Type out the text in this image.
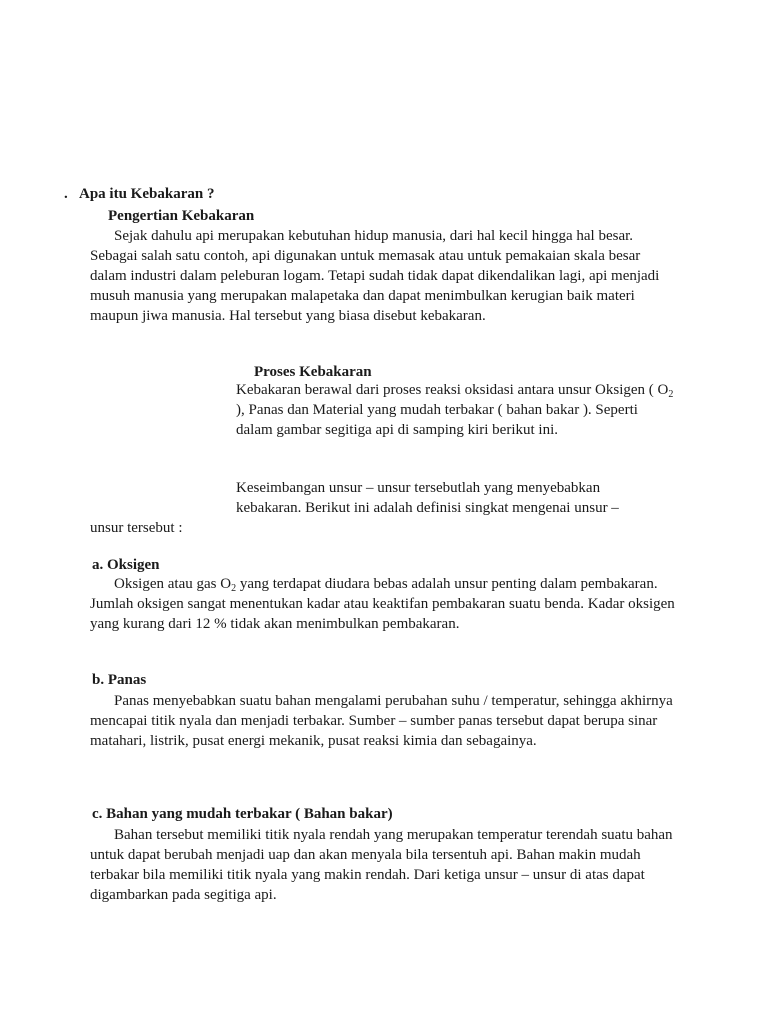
. Apa itu Kebakaran ?
Pengertian Kebakaran

Sejak dahulu api merupakan kebutuhan hidup manusia, dari hal kecil hingga hal besar. Sebagai salah satu contoh, api digunakan untuk memasak atau untuk pemakaian skala besar dalam industri dalam peleburan logam. Tetapi sudah tidak dapat dikendalikan lagi, api menjadi musuh manusia yang merupakan malapetaka dan dapat menimbulkan kerugian baik materi maupun jiwa manusia. Hal tersebut yang biasa disebut kebakaran.

Proses Kebakaran

Kebakaran berawal dari proses reaksi oksidasi antara unsur Oksigen ( $O_2$ ), Panas dan Material yang mudah terbakar ( bahan bakar ). Seperti dalam gambar segitiga api di samping kiri berikut ini.

Keseimbangan unsur – unsur tersebutlah yang menyebabkan
kebakaran. Berikut ini adalah definisi singkat mengenai unsur –
unsur tersebut :
a. Oksigen

Oksigen atau gas $O_2$ yang terdapat diudara bebas adalah unsur penting dalam pembakaran. Jumlah oksigen sangat menentukan kadar atau keaktifan pembakaran suatu benda. Kadar oksigen yang kurang dari 12 % tidak akan menimbulkan pembakaran.

b. Panas

Panas menyebabkan suatu bahan mengalami perubahan suhu / temperatur, sehingga akhirnya mencapai titik nyala dan menjadi terbakar. Sumber – sumber panas tersebut dapat berupa sinar matahari, listrik, pusat energi mekanik, pusat reaksi kimia dan sebagainya.

c. Bahan yang mudah terbakar ( Bahan bakar)

Bahan tersebut memiliki titik nyala rendah yang merupakan temperatur terendah suatu bahan untuk dapat berubah menjadi uap dan akan menyala bila tersentuh api. Bahan makin mudah terbakar bila memiliki titik nyala yang makin rendah. Dari ketiga unsur – unsur di atas dapat digambarkan pada segitiga api.
